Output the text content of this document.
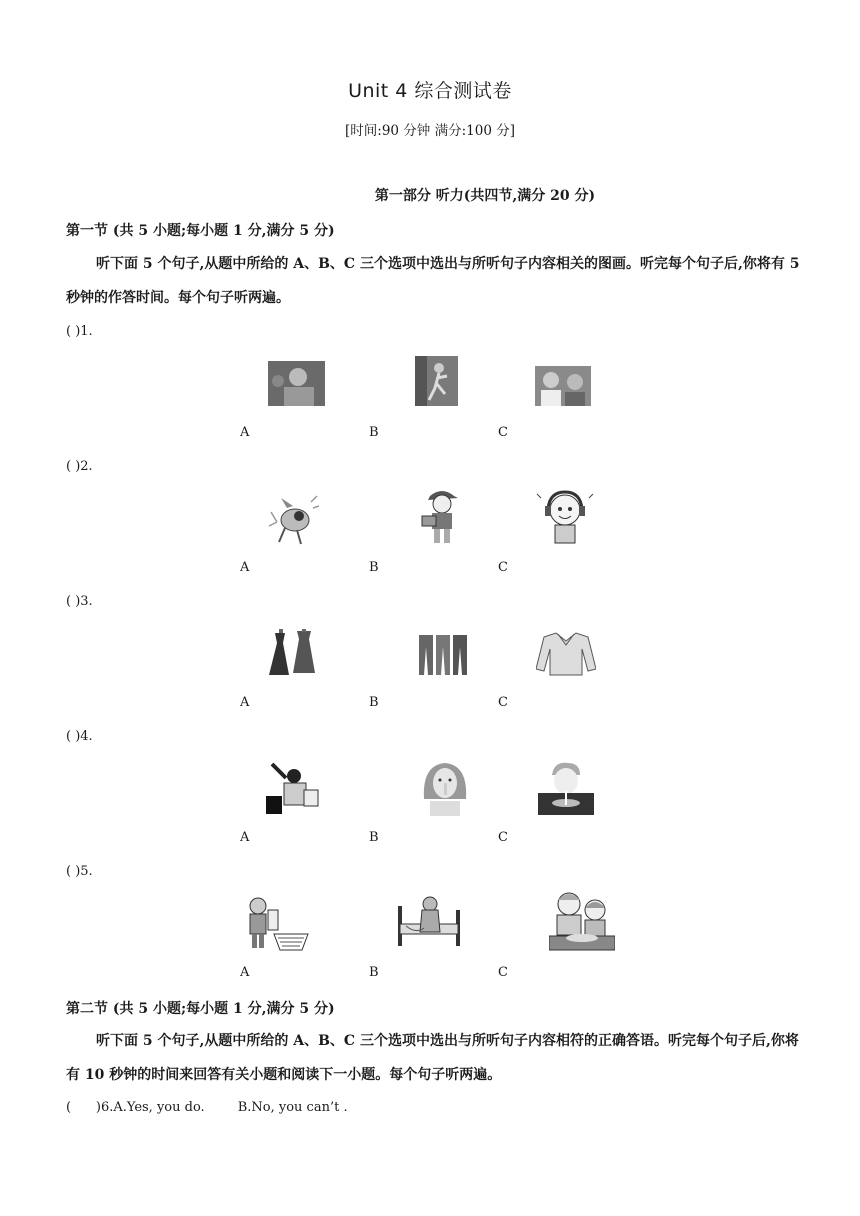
Unit 4 综合测试卷
[时间:90 分钟 满分:100 分]
第一部分 听力(共四节,满分 20 分)
第一节 (共 5 小题;每小题 1 分,满分 5 分)
听下面 5 个句子,从题中所给的 A、B、C 三个选项中选出与所听句子内容相关的图画。听完每个句子后,你将有 5 秒钟的作答时间。每个句子听两遍。
( )1.
A	B	C
( )2.
A	B	C
( )3.
A	B	C
( )4.
A	B	C
( )5.
A	B	C
第二节 (共 5 小题;每小题 1 分,满分 5 分)
听下面 5 个句子,从题中所给的 A、B、C 三个选项中选出与所听句子内容相符的正确答语。听完每个句子后,你将有 10 秒钟的时间来回答有关小题和阅读下一小题。每个句子听两遍。
(      )6.A.Yes, you do.        B.No, you can’t .
